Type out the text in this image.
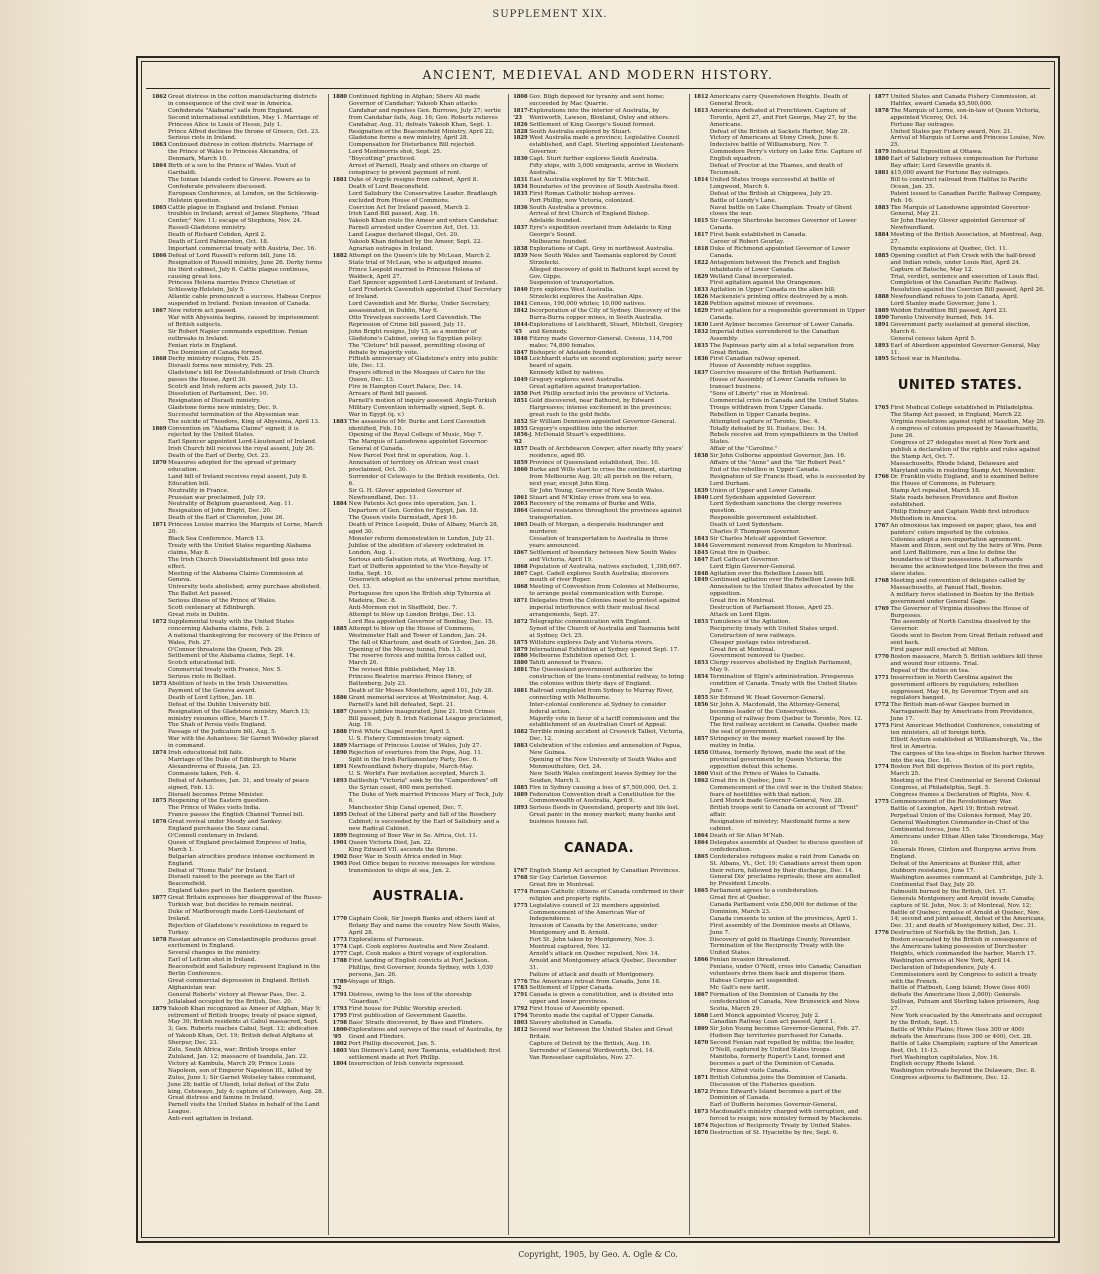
SUPPLEMENT XIX.
ANCIENT, MEDIEVAL AND MODERN HISTORY.
1862 Great distress in the cotton manufacturing districts in consequence of the civil war in America.
Confederate "Alabama" sails from England.
Second international exhibition, May 1. Marriage of Princess Alice to Louis of Hesse, July 1.
Prince Alfred declines the throne of Greece, Oct. 23.
Serious riots in Ireland.
1863 Continued distress in cotton districts. Marriage of the Prince of Wales to Princess Alexandra, of Denmark, March 10.
1864 Birth of a son to the Prince of Wales. Visit of Garibaldi.
The Ionian Islands ceded to Greece. Powers as to Confederate privateers discussed.
European Conference, at London, on the Schleswig-Holstein question.
1865 Cattle plague in England and Ireland. Fenian troubles in Ireland; arrest of James Stephens, "Head Center," Nov. 11; escape of Stephens, Nov. 24.
Russell-Gladstone ministry.
Death of Richard Cobden, April 2.
Death of Lord Palmerston, Oct. 18.
Important commercial treaty with Austria, Dec. 16.
1866 Defeat of Lord Russell's reform bill, June 18.
Resignation of Russell ministry, June 26. Derby forms his third cabinet, July 6. Cattle plague continues, causing great loss.
Princess Helena marries Prince Christian of Schleswig-Holstein, July 5.
Atlantic cable pronounced a success. Habeas Corpus suspended in Ireland. Fenian invasion of Canada.
1867 New reform act passed.
War with Abyssinia begins, caused by imprisonment of British subjects.
Sir Robert Napier commands expedition. Fenian outbreaks in Ireland.
Fenian riots in England.
The Dominion of Canada formed.
1868 Derby ministry resigns, Feb. 25.
Disraeli forms new ministry, Feb. 25.
Gladstone's bill for Disestablishment of Irish Church passes the House, April 30.
Scotch and Irish reform acts passed, July 13.
Dissolution of Parliament, Dec. 10.
Resignation of Disraeli ministry.
Gladstone forms new ministry, Dec. 9.
Successful termination of the Abyssinian war.
The suicide of Theodore, King of Abyssinia, April 13.
1869 Convention on "Alabama Claims" signed; it is rejected by the United States.
Earl Spencer appointed Lord-Lieutenant of Ireland.
Irish Church bill receives the royal assent, July 26.
Death of the Earl of Derby, Oct. 23.
1870 Measures adopted for the spread of primary education.
Land bill of Ireland receives royal assent, July 8.
Education bill.
Neutrality in France.
Prussian war proclaimed, July 19.
Neutrality of Belgium guaranteed, Aug. 11.
Resignation of John Bright, Dec. 20.
Death of the Earl of Clarendon, June 26.
1871 Princess Louise marries the Marquis of Lorne, March 20.
Black Sea Conference, March 13.
Treaty with the United States regarding Alabama claims, May 8.
The Irish Church Disestablishment bill goes into effect.
Meeting of the Alabama Claims Commission at Geneva.
University tests abolished; army purchase abolished.
The Ballot Act passed.
Serious illness of the Prince of Wales.
Scott centenary at Edinburgh.
Great riots in Dublin.
1872 Supplemental treaty with the United States concerning Alabama claims, Feb. 2.
A national thanksgiving for recovery of the Prince of Wales, Feb. 27.
O'Connor threatens the Queen, Feb. 29.
Settlement of the Alabama claims, Sept. 14.
Scotch educational bill.
Commercial treaty with France, Nov. 5.
Serious riots in Belfast.
1873 Abolition of tests in the Irish Universities.
Payment of the Geneva award.
Death of Lord Lytton, Jan. 18.
Defeat of the Dublin University bill.
Resignation of the Gladstone ministry, March 13; ministry resumes office, March 17.
The Shah of Persia visits England.
Passage of the Judicature bill, Aug. 5.
War with the Ashantees; Sir Garnet Wolseley placed in command.
1874 Irish educational bill fails.
Marriage of the Duke of Edinburgh to Marie Alexandrovna of Russia, Jan. 23.
Coomassie taken, Feb. 4.
Defeat of Ashantees, Jan. 31, and treaty of peace signed, Feb. 13.
Disraeli becomes Prime Minister.
1875 Reopening of the Eastern question.
The Prince of Wales visits India.
France passes the English Channel Tunnel bill.
1876 Great revival under Moody and Sankey.
England purchases the Suez canal.
O'Connell centenary in Ireland.
Queen of England proclaimed Empress of India, March 1.
Bulgarian atrocities produce intense excitement in England.
Defeat of "Home Rule" for Ireland.
Disraeli raised to the peerage as the Earl of Beaconsfield.
England takes part in the Eastern question.
1877 Great Britain expresses her disapproval of the Russo-Turkish war, but decides to remain neutral.
Duke of Marlborough made Lord-Lieutenant of Ireland.
Rejection of Gladstone's resolutions in regard to Turkey.
1878 Russian advance on Constantinople produces great excitement in England.
Several changes in the ministry.
Earl of Leitrim shot in Ireland.
Beaconsfield and Salisbury represent England in the Berlin Conference.
Great commercial depression in England. British Afghanistan war.
General Roberts' victory at Piewar Pass, Dec. 2.
Jellalabad occupied by the British, Dec. 20.
1879 Yakoob Khan recognized as Ameer of Afghan, May 9; retirement of British troops; treaty of peace signed, May 30; British residents at Cabul massacred, Sept. 3; Gen. Roberts reaches Cabul, Sept. 12; abdication of Yakoob Khan, Oct. 19; British defeat Afghans at Sherpur, Dec. 23.
Zulu, South Africa, war; British troops enter Zululand, Jan. 12; massacre of Isandula, Jan. 22.
Victory at Kambula, March 29; Prince Louis Napoleon, son of Emperor Napoleon III., killed by Zulus, June 1; Sir Garnet Wolseley takes command, June 28; battle of Ulundi, total defeat of the Zulu king, Cetewayo, July 4; capture of Cetewayo, Aug. 28.
Great distress and famine in Ireland.
Parnell visits the United States in behalf of the Land League.
Anti-rent agitation in Ireland.
1880 Continued fighting in Afghan; Shere Ali made Governor of Candahar; Yakoob Khan attacks Candahar and repulses Gen. Burrows, July 27; sortie from Candahar fails, Aug. 16; Gen. Roberts relieves Candahar, Aug. 31; defeats Yakoob Khan, Sept. 1.
Resignation of the Beaconsfield Ministry, April 22; Gladstone forms a new ministry, April 28.
Compensation for Disturbance Bill rejected.
Lord Montmorris shot, Sept. 25.
"Boycotting" practiced.
Arrest of Parnell, Healy and others on charge of conspiracy to prevent payment of rent.
1881 Duke of Argyle resigns from cabinet, April 8.
Death of Lord Beaconsfield.
Lord Salisbury the Conservative Leader. Bradlaugh excluded from House of Commons.
Coercion Act for Ireland passed, March 2.
Irish Land Bill passed, Aug. 16.
Yakoob Khan routs the Ameer and enters Candahar.
Parnell arrested under Coercion Act, Oct. 13.
Land League declared illegal, Oct. 20.
Yakoob Khan defeated by the Ameer, Sept. 22.
Agrarian outrages in Ireland.
1882 Attempt on the Queen's life by McLean, March 2.
State trial of McLean, who is adjudged insane.
Prince Leopold married to Princess Helena of Waldeck, April 27.
Earl Spencer appointed Lord-Lieutenant of Ireland.
Lord Frederick Cavendish appointed Chief Secretary of Ireland.
Lord Cavendish and Mr. Burke, Under Secretary, assassinated, in Dublin, May 6.
Otto Trevelyan succeeds Lord Cavendish. The Repression of Crime bill passed, July 11.
John Bright resigns, July 15, as a member of Gladstone's Cabinet, owing to Egyptian policy.
The "Cloture" bill passed, permitting closing of debate by majority vote.
Fiftieth anniversary of Gladstone's entry into public life, Dec. 13.
Prayers offered in the Mosques of Cairo for the Queen, Dec. 13.
Fire in Hampton Court Palace, Dec. 14.
Arrears of Rent bill passed.
Parnell's motion of inquiry assessed. Anglo-Turkish Military Convention informally signed, Sept. 6.
War in Egypt (q. v.)
1883 The assassins of Mr. Burke and Lord Cavendish identified, Feb. 10.
Opening of the Royal College of Music, May 7.
The Marquis of Lansdowne appointed Governor-General of Canada.
New Parcel Post first in operation, Aug. 1.
Annexation of territory on African west coast proclaimed, Oct. 30.
Surrender of Cetewayo to the British residents, Oct. 6.
Sir G. H. Glover appointed Governor of Newfoundland, Dec. 11.
1884 New Patents Act goes into operation, Jan. 1.
Departure of Gen. Gordon for Egypt, Jan. 18.
The Queen visits Darmstadt, April 16.
Death of Prince Leopold, Duke of Albany, March 28, aged 30.
Monster reform demonstration in London, July 21.
Jubilee of the abolition of slavery celebrated in London, Aug. 1.
Serious anti-Salvation riots, at Worthing, Aug. 17.
Earl of Dufferin appointed to the Vice-Royalty of India, Sept. 10.
Greenwich adopted as the universal prime meridian, Oct. 13.
Portuguese fire upon the British ship Tyburnia at Madeira, Dec. 8.
Anti-Mormon riot in Sheffield, Dec. 7.
Attempt to blow up London Bridge, Dec. 13.
Lord Rea appointed Governor of Bombay, Dec. 15.
1885 Attempt to blow up the House of Commons, Westminster Hall and Tower of London, Jan. 24.
The fall of Khartoum, and death of Gordon, Jan. 26.
Opening of the Mersey tunnel, Feb. 13.
The reserve forces and militia forces called out, March 26.
The revised Bible published, May 18.
Princess Beatrice marries Prince Henry, of Battenberg, July 23.
Death of Sir Moses Montefiore, aged 101, July 28.
1886 Grant memorial services at Westminster, Aug. 4.
Parnell's land bill defeated, Sept. 21.
1887 Queen's jubilee inaugurated, June 21. Irish Crimes Bill passed, July 8. Irish National League proclaimed, Aug. 19.
1888 First White Chapel murder, April 3.
U. S. Fishery Commission treaty signed.
1889 Marriage of Princess Louise of Wales, July 27.
1890 Rejection of overtures from the Pope, Aug. 11.
Split in the Irish Parliamentary Party, Dec. 6.
1891 Newfoundland fishery dispute, March-May.
U. S. World's Fair invitation accepted, March 3.
1893 Battleship "Victoria" sunk by the "Camperdown" off the Syrian coast, 400 men perished.
The Duke of York married Princess Mary of Teck, July 6.
Manchester Ship Canal opened, Dec. 7.
1895 Defeat of the Liberal party and fall of the Rosebery Cabinet; is succeeded by the Earl of Salisbury and a new Radical Cabinet.
1899 Beginning of Boer War in So. Africa, Oct. 11.
1901 Queen Victoria Died, Jan. 22.
King Edward VII. ascends the throne.
1902 Boer War in South Africa ended in May.
1903 Post Office began to receive messages for wireless transmission to ships at sea, Jan. 2.
AUSTRALIA.
1770 Captain Cook, Sir Joseph Banks and others land at Botany Bay and name the country New South Wales, April 28.
1773 Explorations of Furneaux.
1774 Capt. Cook explores Australia and New Zealand.
1777 Capt. Cook makes a third voyage of exploration.
1788 First landing of English convicts at Port Jackson.
Phillips, first Governor, founds Sydney, with 1,030 persons, Jan. 26.
1789-'92
Voyage of Bligh.
1791 Distress, owing to the loss of the storeship "Guardian."
1793 First house for Public Worship erected.
1795 First publication of Government Gazette.
1798 Bass' Straits discovered, by Bass and Flinders.
1800-'05
Explorations and surveys of the coast of Australia, by Grant and Flinders.
1802 Port Phillip discovered, Jan. 5.
1803 Van Diemen's Land, now Tasmania, established; first settlement made at Port Phillip.
1804 Insurrection of Irish convicts repressed.
1808 Gov. Bligh deposed for tyranny and sent home; succeeded by Mac Quarrie.
1817-'23
Explorations into the interior of Australia, by Wentworth, Lawson, Bloxland, Oxley and others.
1826 Settlement of King George's Sound formed.
1828 South Australia explored by Stuart.
1829 West Australia made a province; Legislative Council established, and Capt. Sterling appointed Lieutenant-Governor.
1830 Capt. Sturt further explores South Australia.
Fifty ships, with 3,000 emigrants, arrive in Western Australia.
1831 East Australia explored by Sir T. Mitchell.
1834 Boundaries of the province of South Australia fixed.
1835 First Roman Catholic bishop arrives.
Port Phillip, now Victoria, colonized.
1836 South Australia a province.
Arrival of first Church of England Bishop.
Adelaide founded.
1837 Eyre's expedition overland from Adelaide to King George's Sound.
Melbourne founded.
1838 Explorations of Capt. Grey in northwest Australia.
1839 New South Wales and Tasmania explored by Count Strzelecki.
Alleged discovery of gold in Bathurst kept secret by Gov. Gipps.
Suspension of transportation.
1840 Eyre explores West Australia.
Strzelecki explores the Australian Alps.
1841 Census, 190,000 whites; 10,000 natives.
1842 Incorporation of the City of Sydney. Discovery of the Burra-Burra copper mines, in South Australia.
1844-'45
Explorations of Leichhardt, Stuart, Mitchell, Gregory and Kennedy.
1846 Fitzroy made Governor-General. Census, 114,700 males; 74,800 females.
1847 Bishopric of Adelaide founded.
1848 Leichhardt starts on second exploration; party never heard of again.
Kennedy killed by natives.
1849 Gregory explores west Australia.
Great agitation against transportation.
1850 Port Phillip erected into the province of Victoria.
1851 Gold discovered, near Bathurst, by Edward Hargreaves; intense excitement in the provinces; great rush to the gold fields.
1852 Sir William Dennison appointed Governor-General.
1855 Gregory's expedition into the interior.
1856-'62
J. McDonald Stuart's expeditions.
1857 Death of Archdeacon Cowper, after nearly fifty years' residence, aged 80.
1859 Province of Queensland established, Dec. 10.
1860 Burke and Wills start to cross the continent, starting from Melbourne Aug. 20; all perish on the return, next year, except John King.
Sir John Young, Governor of New South Wales.
1861 Stuart and M'Kinlay cross from sea to sea.
1863 Recovery of the remains of Burke and Wills.
1864 General resistance throughout the provinces against transportation.
1865 Death of Morgan, a desperate bushranger and murderer.
Cessation of transportation to Australia in three years announced.
1867 Settlement of boundary between New South Wales and Victoria, April 19.
1868 Population of Australia, natives excluded, 1,398,667.
1867 Capt. Cadell explores South Australia; discovers mouth of river Roper.
1868 Meeting of Convention from Colonies at Melbourne, to arrange postal communication with Europe.
1871 Delegates from the Colonies meet to protest against imperial interference with their mutual fiscal arrangements, Sept. 27.
1872 Telegraphic communication with England.
Synod of the Church of Australia and Tasmania held at Sydney, Oct. 25.
1875 Wiltshire explores Daly and Victoria rivers.
1879 International Exhibition at Sydney opened Sept. 17.
1880 Melbourne Exhibition opened Oct. 1.
1880 Tahiti annexed to France.
1881 The Queensland government authorize the construction of the trans-continental railway, to bring the colonies within thirty days of England.
1881 Railroad completed from Sydney to Murray River, connecting with Melbourne.
Inter-colonial conference at Sydney to consider federal action.
Majority vote in favor of a tariff commission and the establishment of an Australian Court of Appeal.
1882 Terrible mining accident at Creswick Talbot, Victoria, Dec. 12.
1883 Celebration of the colonies and annexation of Papua, New Guinea.
Opening of the New University of South Wales and Monmouthshire, Oct. 24.
New South Wales contingent leaves Sydney for the Soudan, March 3.
1885 Fire in Sydney causing a loss of $7,500,000, Oct. 2.
1889 Federation Convention draft a Constitution for the Commonwealth of Australia, April 9.
1893 Serious floods in Queensland, property and life lost.
Great panic in the money market; many banks and business houses fail.
CANADA.
1767 English Stamp Act accepted by Canadian Provinces.
1768 Sir Guy Carleton Governor.
Great fire in Montreal.
1774 Roman Catholic citizens of Canada confirmed in their religion and property rights.
1775 Legislative council of 23 members appointed.
Commencement of the American War of Independence.
Invasion of Canada by the Americans, under Montgomery and B. Arnold.
Fort St. John taken by Montgomery, Nov. 3.
Montreal captured, Nov. 12.
Arnold's attack on Quebec repulsed, Nov. 14.
Arnold and Montgomery attack Quebec, December 31.
Failure of attack and death of Montgomery.
1776 The Americans retreat from Canada, June 18.
1783 Settlement of Upper Canada.
1791 Canada is given a constitution, and is divided into upper and lower provinces.
1792 First House of Assembly opened.
1794 Toronto made the capital of Upper Canada.
1803 Slavery abolished in Canada.
1812 Second war between the United States and Great Britain.
Capture of Detroit by the British, Aug. 16.
Surrender of General Wordsworth, Oct. 14.
Van Rensselaer capitulates, Nov. 27.
1812 Americans carry Queenstown Heights. Death of General Brock.
1813 Americans defeated at Frenchtown. Capture of Toronto, April 27, and Fort George, May 27, by the Americans.
Defeat of the British at Sackets Harbor, May 29.
Victory of Americans at Stony Creek, June 6.
Indecisive battle of Williamsburg, Nov. 7. Commodore Perry's victory on Lake Erie. Capture of English squadron.
Defeat of Proctor at the Thames, and death of Tecumseh.
1814 United States troops successful at battle of Longwood, March 4.
Defeat of the British at Chippewa, July 25.
Battle of Lundy's Lane.
Naval battle on Lake Champlain. Treaty of Ghent closes the war.
1815 Sir George Sherbroke becomes Governor of Lower Canada.
1817 First bank established in Canada.
Career of Robert Gourlay.
1818 Duke of Richmond appointed Governor of Lower Canada.
1822 Antagonism between the French and English inhabitants of Lower Canada.
1829 Welland Canal incorporated.
First agitation against the Orangemen.
1833 Agitation in Upper Canada on the alien bill.
1826 Mackenzie's printing office destroyed by a mob.
1828 Petition against misuse of revenues.
1829 First agitation for a responsible government in Upper Canada.
1830 Lord Aylmer becomes Governor of Lower Canada.
1832 Imperial duties surrendered to the Canadian Assembly.
1835 The Papineau party aim at a total separation from Great Britain.
1836 First Canadian railway opened.
House of Assembly refuse supplies.
1837 Coercive measure of the British Parliament.
House of Assembly of Lower Canada refuses to transact business.
"Sons of Liberty" rise in Montreal.
Commercial crisis in Canada and the United States.
Troops withdrawn from Upper Canada.
Rebellion in Upper Canada begins.
Attempted capture of Toronto, Dec. 4.
Totally defeated by St. Eustace, Dec. 14.
Rebels receive aid from sympathizers in the United States.
Affair of the "Caroline."
1838 Sir John Colborne appointed Governor, Jan. 16.
Affairs of the "Anne" and the "Sir Robert Peel."
End of the rebellion in Upper Canada.
Resignation of Sir Francis Head, who is succeeded by Lord Durham.
1839 Union of Upper and Lower Canada.
1840 Lord Sydenham appointed Governor.
Lord Sydenham sanctions the clergy reserves question.
Responsible government established.
Death of Lord Sydenham.
Charles P. Thompson Governor.
1843 Sir Charles Metcalf appointed Governor.
1844 Government removed from Kingston to Montreal.
1845 Great fire in Quebec.
1847 Earl Cathcart Governor.
Lord Elgin Governor-General.
1848 Agitation over the Rebellion Losses bill.
1849 Continued agitation over the Rebellion Losses bill.
Annexation to the United States advocated by the opposition.
Great fire in Montreal.
Destruction of Parliament House, April 25.
Attack on Lord Elgin.
1853 Tumulence of the Agitation.
Reciprocity treaty with United States urged.
Construction of new railways.
Cheaper postage rates introduced.
Great fire at Montreal.
Government removed to Quebec.
1853 Clergy reserves abolished by English Parliament, May 9.
1854 Termination of Elgin's administration. Prosperous condition of Canada. Treaty with the United States June 7.
1855 Sir Edmund W. Head Governor-General.
1856 Sir John A. Macdonald, the Attorney-General, becomes leader of the Conservatives.
Opening of railway from Quebec to Toronto, Nov. 12.
The first railway accident in Canada. Quebec made the seat of government.
1857 Stringency in the money market caused by the mutiny in India.
1858 Ottawa, formerly Bytown, made the seat of the provincial government by Queen Victoria; the opposition defeat this scheme.
1860 Visit of the Prince of Wales to Canada.
1862 Great fire in Quebec, June 7.
Commencement of the civil war in the United States; fears of hostilities with that nation.
Lord Monck made Governor-General, Nov. 28.
British troops sent to Canada on account of "Trent" affair.
Resignation of ministry; Macdonald forms a new cabinet.
1864 Death of Sir Allan M'Nab.
1864 Delegates assemble at Quebec to discuss question of confederation.
1865 Confederates refugees make a raid from Canada on St. Albans, Vt., Oct. 19; Canadians arrest them upon their return, followed by their discharge, Dec. 14. General Dix' proclaims reprisals; these are annulled by President Lincoln.
1865 Parliament agrees to a confederation.
Great fire at Quebec.
Canada Parliament vote £50,000 for defense of the Dominion, March 23.
Canada consents to union of the provinces, April 1.
First assembly of the Dominion meets at Ottawa, June 7.
Discovery of gold in Hastings County, November.
Termination of the Reciprocity Treaty with the United States.
1866 Fenian invasion threatened.
Fenians, under O'Neill, cross into Canada; Canadian volunteers drive them back and disperse them.
Habeas Corpus act suspended.
Mr. Galt's new tariff.
1867 Formation of the Dominion of Canada by the confederation of Canada, New Brunswick and Nova Scotia, March 29.
1868 Lord Monck appointed Viceroy, July 2.
Canadian Railway Loan act passed, April 1.
1869 Sir John Young becomes Governor-General, Feb. 27.
Hudson Bay territories purchased for Canada.
1870 Second Fenian raid repelled by militia; the leader, O'Neill, captured by United States troops.
Manitoba, formerly Rupert's Land, formed and becomes a part of the Dominion of Canada.
Prince Alfred visits Canada.
1871 British Columbia joins the Dominion of Canada.
Discussion of the Fisheries question.
1872 Prince Edward's Island becomes a part of the Dominion of Canada.
Earl of Dufferin becomes Governor-General.
1873 Macdonald's ministry charged with corruption, and forced to resign; new ministry formed by Mackenzie.
1874 Rejection of Reciprocity Treaty by United States.
1876 Destruction of St. Hyacinthe by fire, Sept. 6.
1877 United States and Canada Fishery Commission, at Halifax, award Canada $5,500,000.
1878 The Marquis of Lorne, son-in-law of Queen Victoria, appointed Viceroy, Oct. 14.
Fortune Bay outrages.
United States pay Fishery award, Nov. 21.
Arrival of Marquis of Lorne and Princess Louise, Nov. 25.
1879 Industrial Exposition at Ottawa.
1880 Earl of Salisbury refuses compensation for Fortune Bay affair; Lord Granville grants it.
1881 $15,000 award for Fortune Bay outrages.
Bill to construct railroad from Halifax to Pacific Ocean, Jan. 25.
Patent issued to Canadian Pacific Railway Company, Feb. 16.
1883 The Marquis of Lansdowne appointed Governor-General, May 21.
Sir John Hawley Glover appointed Governor of Newfoundland.
1884 Meeting of the British Association, at Montreal, Aug. 27.
Dynamite explosions at Quebec, Oct. 11.
1885 Opening conflict at Fish Creek with the half-breed and Indian rebels, under Louis Riel, April 24.
Capture of Batoche, May 12.
Trial, verdict, sentence and execution of Louis Riel.
Completion of the Canadian Pacific Railway.
Resolution against the Coercion Bill passed, April 26.
1888 Newfoundland refuses to join Canada, April.
Lord Stanley made Governor, June 1.
1889 Weldon Extradition Bill passed, April 23.
1890 Toronto University burned, Feb. 14.
1891 Government party sustained at general election, March 6.
General census taken April 5.
1893 Earl of Aberdeen appointed Governor-General, May 11.
1895 School war in Manitoba.
UNITED STATES.
1765 First Medical College established in Philadelphia.
The Stamp Act passed, in England, March 22.
Virginia resolutions against right of taxation, May 29.
A congress of colonies proposed by Massachusetts, June 26.
Congress of 27 delegates meet at New York and publish a declaration of the rights and rules against the Stamp Act, Oct. 7.
Massachusetts, Rhode Island, Delaware and Maryland unite in resisting Stamp Act, November.
1766 Dr. Franklin visits England, and is examined before the House of Commons, in February.
Stamp Act repealed, March 18.
State roads between Providence and Boston established.
Philip Embury and Captain Webb first introduce Methodism in America.
1767 An obnoxious tax imposed on paper, glass, tea and painters' colors imported by the colonies.
Colonies adopt a non-importation agreement.
Mason and Dixon, sent out by the heirs of Wm. Penn and Lord Baltimore, run a line to define the boundaries of their possessions. It afterwards became the acknowledged line between the free and slave states.
1768 Meeting and convention of delegates called by Massachusetts, at Fanuel Hall, Boston.
A military force stationed in Boston by the British government under General Gage.
1769 The Governor of Virginia dissolves the House of Burgesses.
The assembly of North Carolina dissolved by the Governor.
Goods sent to Boston from Great Britain refused and sent back.
First paper mill erected at Milton.
1770 Boston massacre, March 5. British soldiers kill three and wound four citizens. Trial.
Repeal of the duties on tea.
1771 Insurrection in North Carolina against the government officers by regulators; rebellion suppressed, May 16, by Governor Tryon and six regulators hanged.
1772 The British man-of-war Gaspee burned in Narragansett Bay by Americans from Providence, June 17.
1773 First American Methodist Conference, consisting of ten ministers, all of foreign birth.
Elliott Asylum established at Williamsburgh, Va., the first in America.
The cargoes of the tea-ships in Boston harbor thrown into the sea, Dec. 16.
1774 Boston Port Bill deprives Boston of its port rights, March 25.
Meeting of the First Continental or Second Colonial Congress, at Philadelphia, Sept. 5.
Congress frames a Declaration of Rights, Nov. 4.
1775 Commencement of the Revolutionary War.
Battle of Lexington, April 19; British retreat.
Perpetual Union of the Colonies formed, May 20.
General Washington Commander-in-Chief of the Continental forces, June 15.
Americans under Ethan Allen take Ticonderoga, May 10.
Generals Howe, Clinton and Burgoyne arrive from England.
Defeat of the Americans at Bunker Hill, after stubborn resistance, June 17.
Washington assumes command at Cambridge, July 3.
Continental Fast Day, July 20.
Falmouth burned by the British, Oct. 17.
Generals Montgomery and Arnold invade Canada; capture of St. John, Nov. 3; of Montreal, Nov. 12; Battle of Quebec; repulse of Arnold at Quebec, Nov. 14; second and joint assault, defeat of the Americans, Dec. 31; and death of Montgomery killed, Dec. 31.
1776 Destruction of Norfolk by the British, Jan. 1.
Boston evacuated by the British in consequence of the Americans taking possession of Dorchester Heights, which commanded the harbor, March 17.
Washington arrives at New York, April 14.
Declaration of Independence, July 4.
Commissioners sent by Congress to solicit a treaty with the French.
Battle of Flatbush, Long Island; Howe (loss 400) defeats the Americans (loss 2,000); Generals Sullivan, Putnam and Sterling taken prisoners, Aug. 27.
New York evacuated by the Americans and occupied by the British, Sept. 15.
Battle of White Plains; Howe (loss 300 or 400) defeats the Americans (loss 300 or 400), Oct. 28.
Battle of Lake Champlain; capture of the American fleet, Oct. 11-13.
Fort Washington capitulates, Nov. 16.
English occupy Rhode Island.
Washington retreats beyond the Delaware, Dec. 8.
Congress adjourns to Baltimore, Dec. 12.
Copyright, 1905, by Geo. A. Ogle & Co.
